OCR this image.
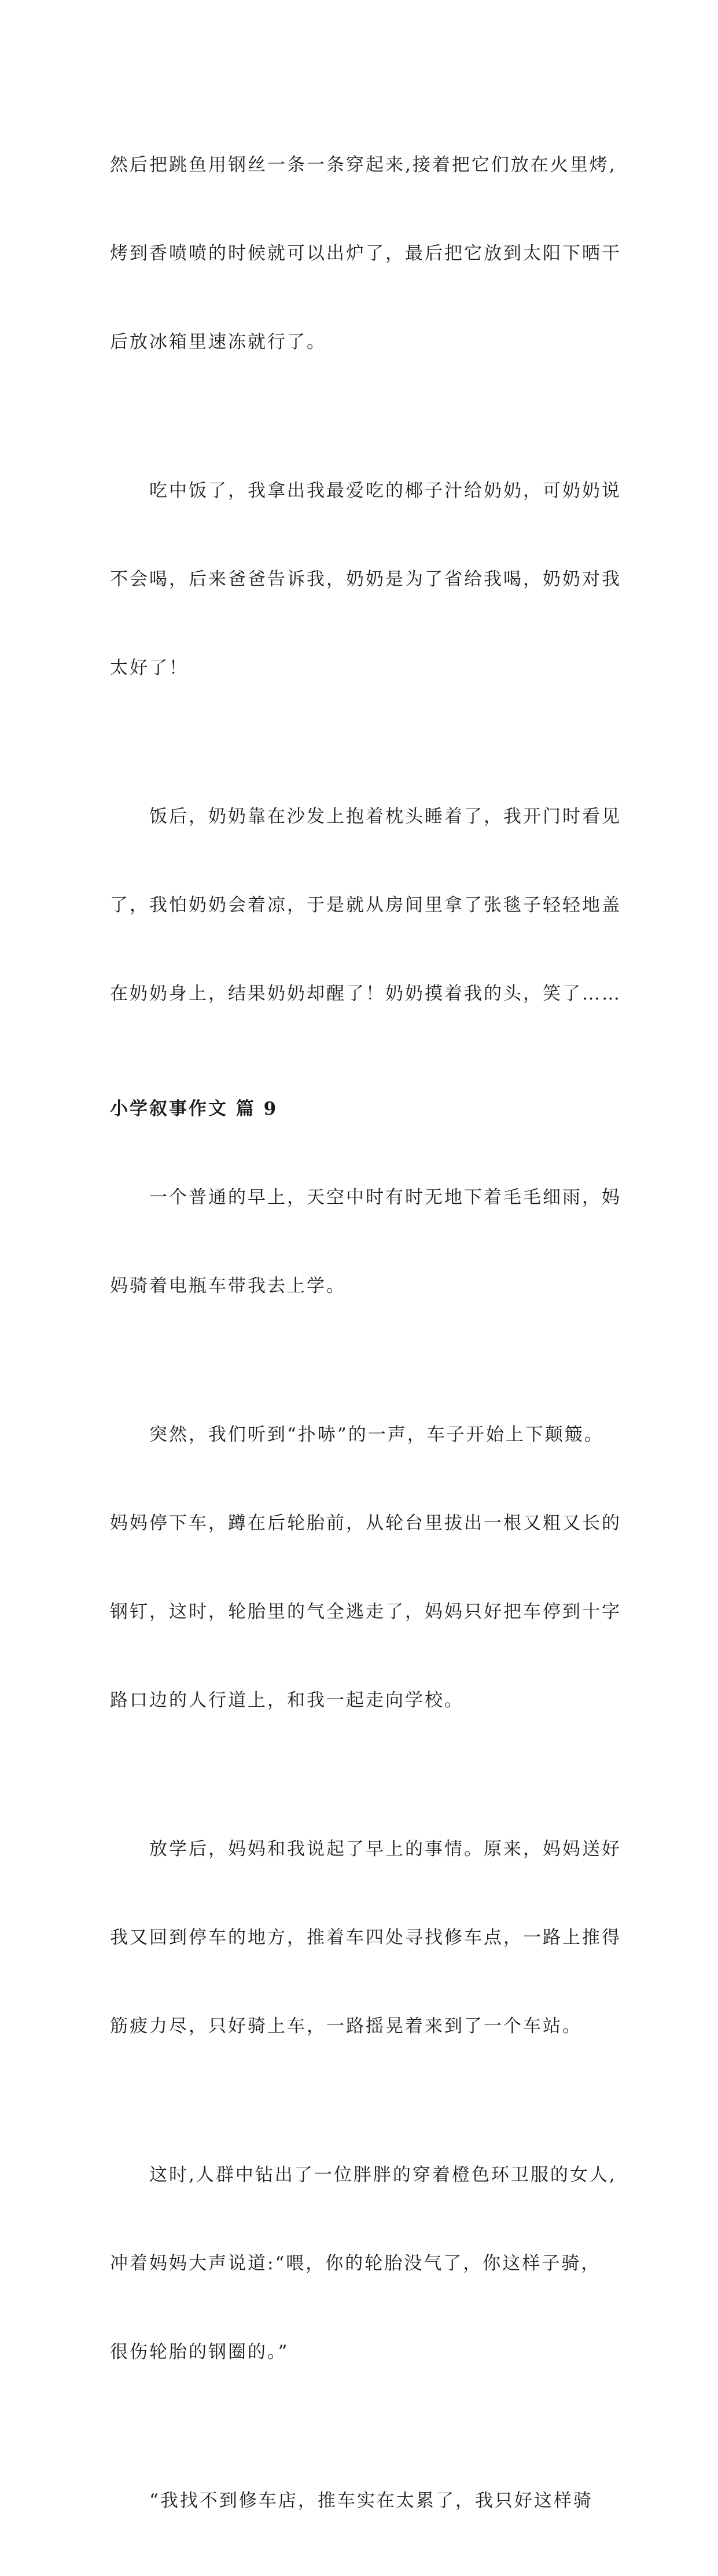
然后把跳鱼用钢丝一条一条穿起来,接着把它们放在火里烤,

烤到香喷喷的时候就可以出炉了，最后把它放到太阳下晒干

后放冰箱里速冻就行了。

　　吃中饭了，我拿出我最爱吃的椰子汁给奶奶，可奶奶说

不会喝，后来爸爸告诉我，奶奶是为了省给我喝，奶奶对我

太好了！

　　饭后，奶奶靠在沙发上抱着枕头睡着了，我开门时看见

了，我怕奶奶会着凉，于是就从房间里拿了张毯子轻轻地盖

在奶奶身上，结果奶奶却醒了！奶奶摸着我的头，笑了……

小学叙事作文 篇 9

　　一个普通的早上，天空中时有时无地下着毛毛细雨，妈

妈骑着电瓶车带我去上学。

　　突然，我们听到“扑哧”的一声，车子开始上下颠簸。

妈妈停下车，蹲在后轮胎前，从轮台里拔出一根又粗又长的

钢钉，这时，轮胎里的气全逃走了，妈妈只好把车停到十字

路口边的人行道上，和我一起走向学校。

　　放学后，妈妈和我说起了早上的事情。原来，妈妈送好

我又回到停车的地方，推着车四处寻找修车点，一路上推得

筋疲力尽，只好骑上车，一路摇晃着来到了一个车站。

　　这时,人群中钻出了一位胖胖的穿着橙色环卫服的女人,

冲着妈妈大声说道:“喂，你的轮胎没气了，你这样子骑，

很伤轮胎的钢圈的。”

　　“我找不到修车店，推车实在太累了，我只好这样骑
